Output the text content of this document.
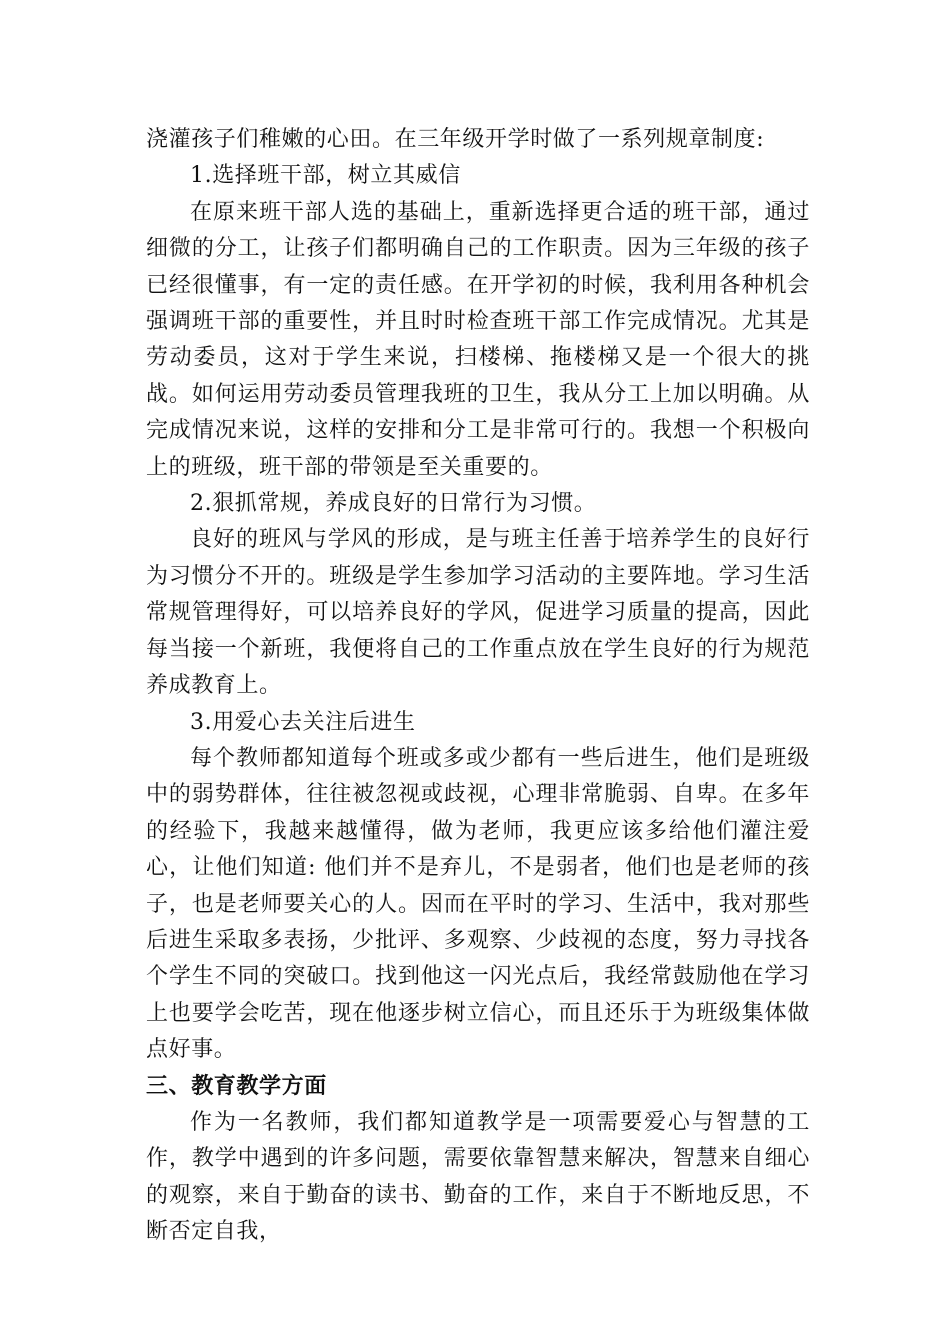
浇灌孩子们稚嫩的心田。在三年级开学时做了一系列规章制度:

1.选择班干部，树立其威信

在原来班干部人选的基础上，重新选择更合适的班干部，通过细微的分工，让孩子们都明确自己的工作职责。因为三年级的孩子已经很懂事，有一定的责任感。在开学初的时候，我利用各种机会强调班干部的重要性，并且时时检查班干部工作完成情况。尤其是劳动委员，这对于学生来说，扫楼梯、拖楼梯又是一个很大的挑战。如何运用劳动委员管理我班的卫生，我从分工上加以明确。从完成情况来说，这样的安排和分工是非常可行的。我想一个积极向上的班级，班干部的带领是至关重要的。

2.狠抓常规，养成良好的日常行为习惯。

良好的班风与学风的形成，是与班主任善于培养学生的良好行为习惯分不开的。班级是学生参加学习活动的主要阵地。学习生活常规管理得好，可以培养良好的学风，促进学习质量的提高，因此每当接一个新班，我便将自己的工作重点放在学生良好的行为规范养成教育上。

3.用爱心去关注后进生

每个教师都知道每个班或多或少都有一些后进生，他们是班级中的弱势群体，往往被忽视或歧视，心理非常脆弱、自卑。在多年的经验下，我越来越懂得，做为老师，我更应该多给他们灌注爱心，让他们知道: 他们并不是弃儿，不是弱者，他们也是老师的孩子，也是老师要关心的人。因而在平时的学习、生活中，我对那些后进生采取多表扬，少批评、多观察、少歧视的态度，努力寻找各个学生不同的突破口。找到他这一闪光点后，我经常鼓励他在学习上也要学会吃苦，现在他逐步树立信心，而且还乐于为班级集体做点好事。

三、教育教学方面

作为一名教师，我们都知道教学是一项需要爱心与智慧的工作，教学中遇到的许多问题，需要依靠智慧来解决，智慧来自细心的观察，来自于勤奋的读书、勤奋的工作，来自于不断地反思，不断否定自我，
